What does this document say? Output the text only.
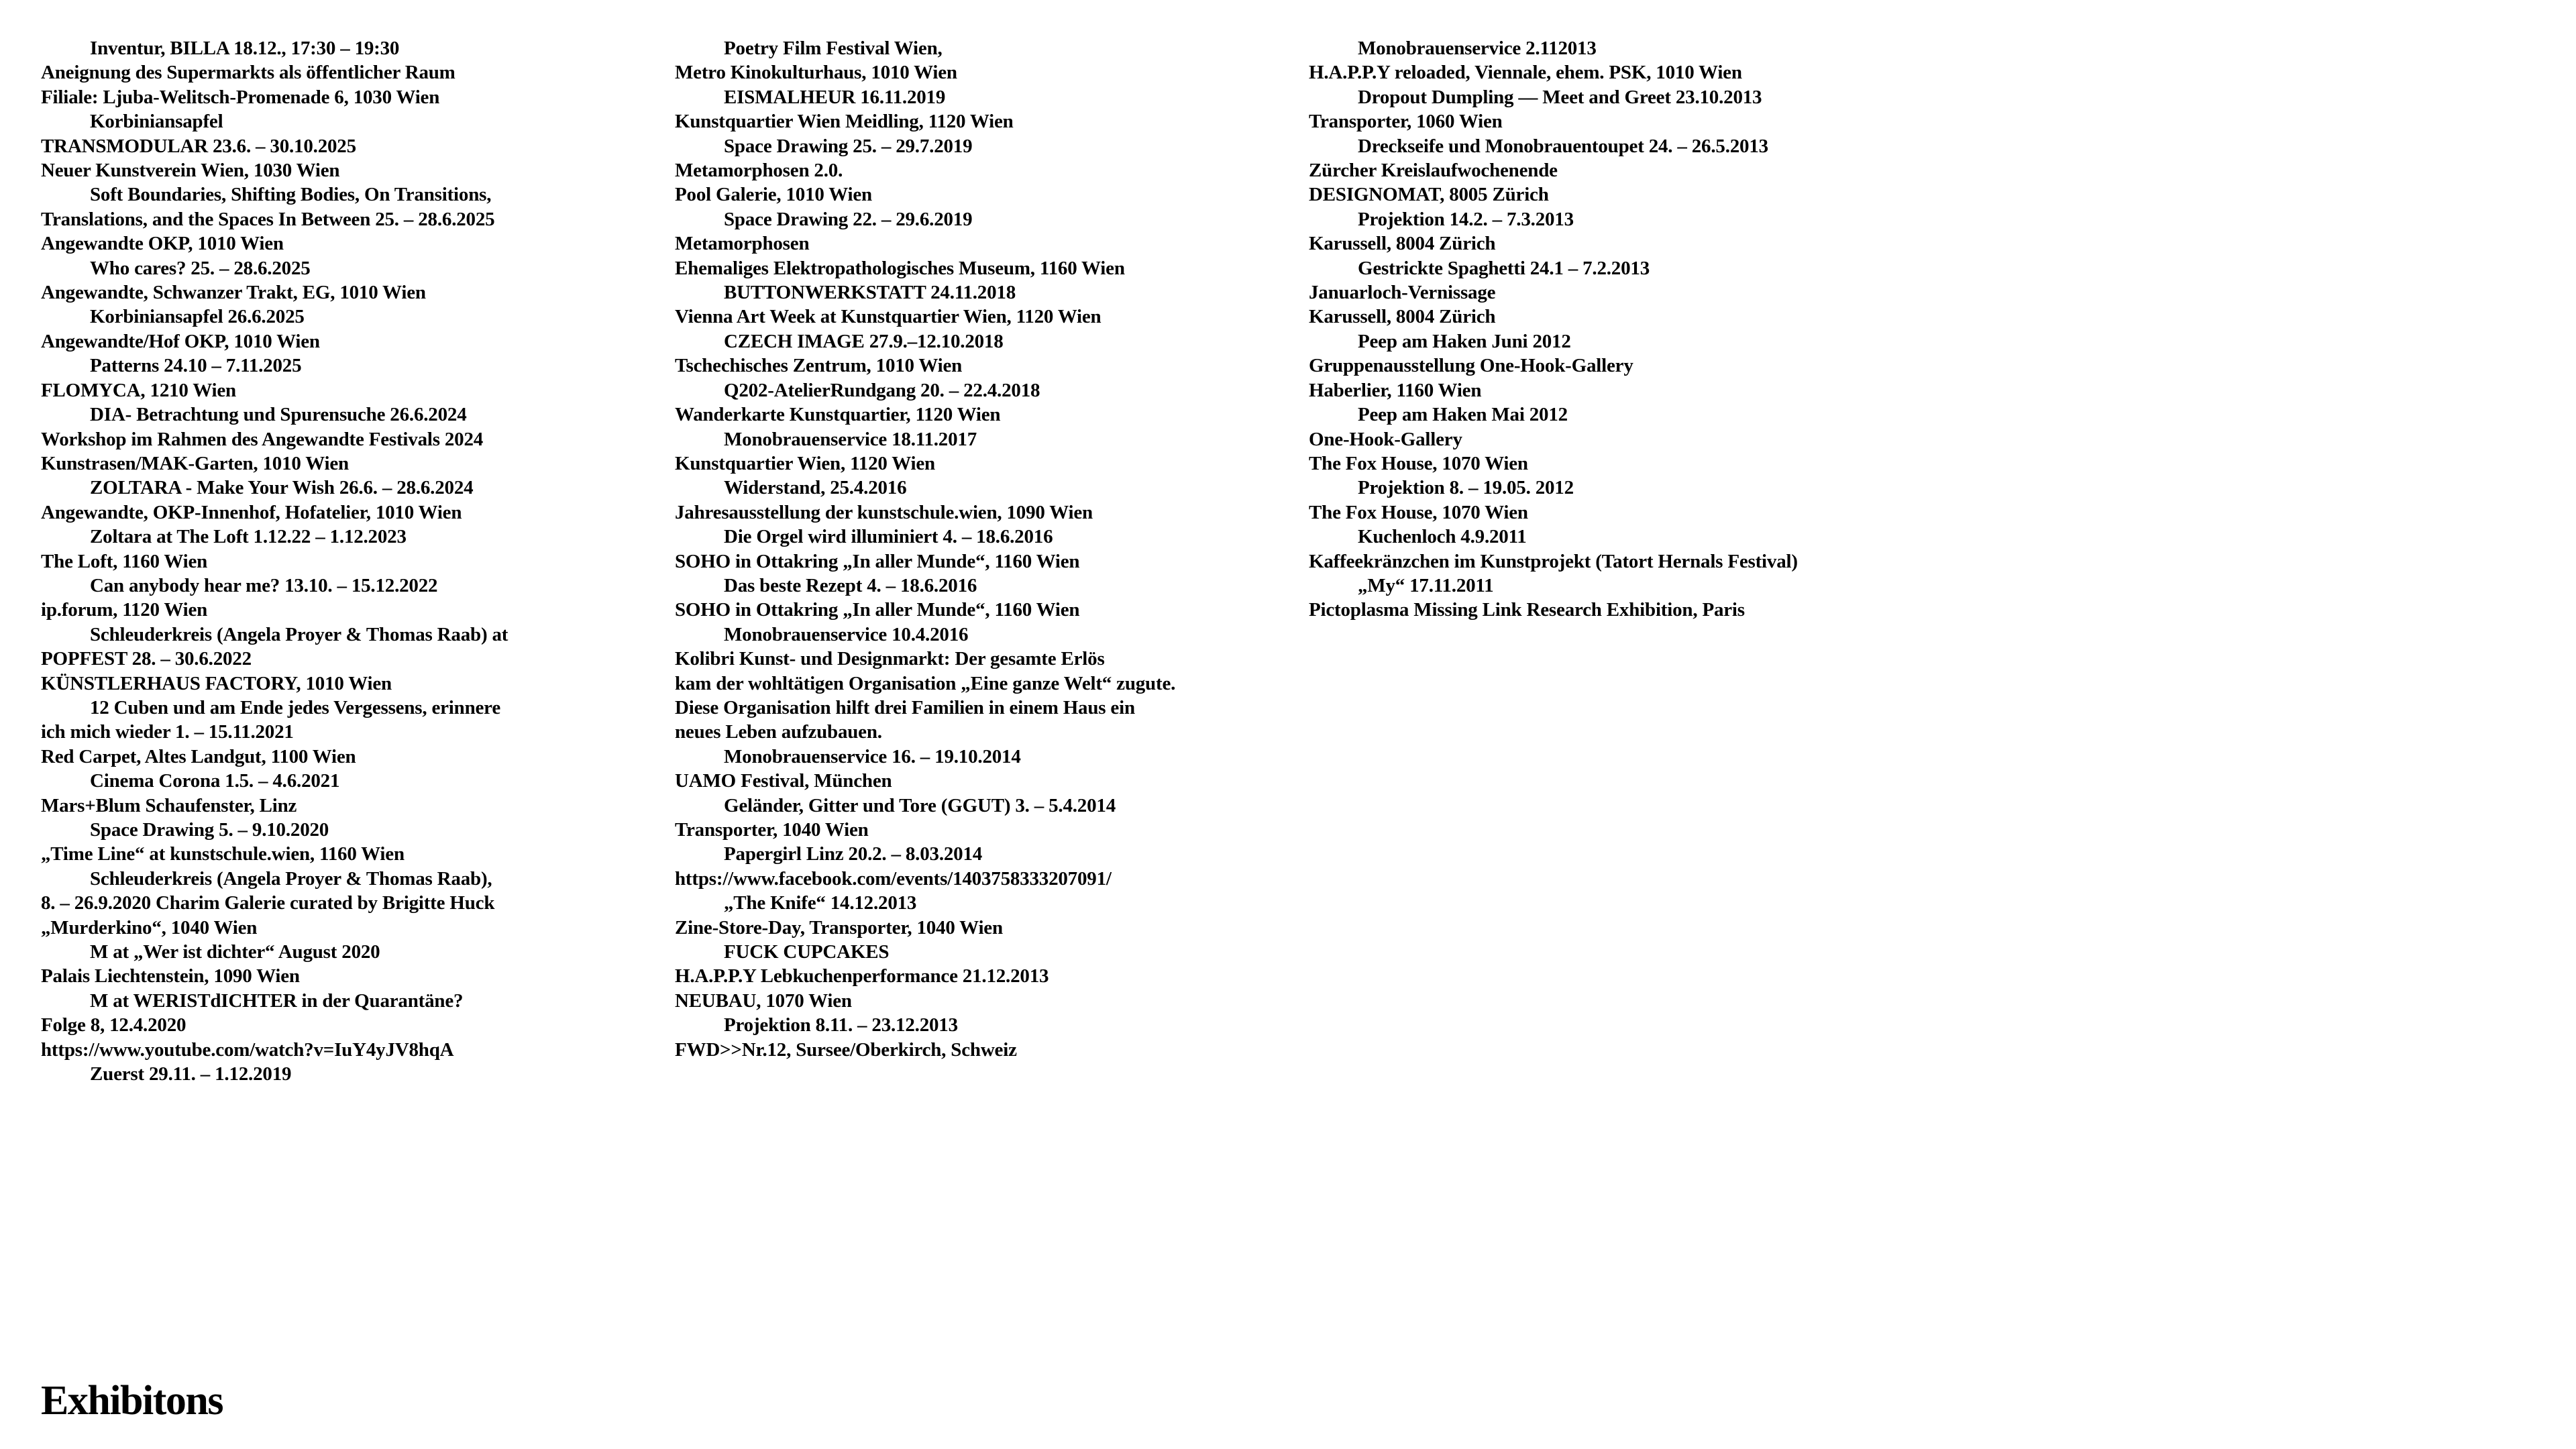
Inventur, BILLA 18.12., 17:30 – 19:30
Aneignung des Supermarkts als öffentlicher Raum
Filiale: Ljuba-Welitsch-Promenade 6, 1030 Wien
Korbiniansapfel
TRANSMODULAR 23.6. – 30.10.2025
Neuer Kunstverein Wien, 1030 Wien
Soft Boundaries, Shifting Bodies, On Transitions,
Translations, and the Spaces In Between 25. – 28.6.2025
Angewandte OKP, 1010 Wien
Who cares? 25. – 28.6.2025
Angewandte, Schwanzer Trakt, EG, 1010 Wien
Korbiniansapfel 26.6.2025
Angewandte/Hof OKP, 1010 Wien
Patterns 24.10 – 7.11.2025
FLOMYCA, 1210 Wien
DIA- Betrachtung und Spurensuche 26.6.2024
Workshop im Rahmen des Angewandte Festivals 2024
Kunstrasen/MAK-Garten, 1010 Wien
ZOLTARA - Make Your Wish 26.6. – 28.6.2024
Angewandte, OKP-Innenhof, Hofatelier, 1010 Wien
Zoltara at The Loft 1.12.22 – 1.12.2023
The Loft, 1160 Wien
Can anybody hear me? 13.10. – 15.12.2022
ip.forum, 1120 Wien
Schleuderkreis (Angela Proyer & Thomas Raab) at
POPFEST 28. – 30.6.2022
KÜNSTLERHAUS FACTORY, 1010 Wien
12 Cuben und am Ende jedes Vergessens, erinnere
ich mich wieder 1. – 15.11.2021
Red Carpet, Altes Landgut, 1100 Wien
Cinema Corona 1.5. – 4.6.2021
Mars+Blum Schaufenster, Linz
Space Drawing 5. – 9.10.2020
„Time Line“ at kunstschule.wien, 1160 Wien
Schleuderkreis (Angela Proyer & Thomas Raab),
8. – 26.9.2020 Charim Galerie curated by Brigitte Huck
„Murderkino“, 1040 Wien
M at „Wer ist dichter“ August 2020
Palais Liechtenstein, 1090 Wien
M at WERISTdICHTER in der Quarantäne?
Folge 8, 12.4.2020
https://www.youtube.com/watch?v=IuY4yJV8hqA
Zuerst 29.11. – 1.12.2019
Poetry Film Festival Wien,
Metro Kinokulturhaus, 1010 Wien
EISMALHEUR 16.11.2019
Kunstquartier Wien Meidling, 1120 Wien
Space Drawing 25. – 29.7.2019
Metamorphosen 2.0.
Pool Galerie, 1010 Wien
Space Drawing 22. – 29.6.2019
Metamorphosen
Ehemaliges Elektropathologisches Museum, 1160 Wien
BUTTONWERKSTATT 24.11.2018
Vienna Art Week at Kunstquartier Wien, 1120 Wien
CZECH IMAGE 27.9.–12.10.2018
Tschechisches Zentrum, 1010 Wien
Q202-AtelierRundgang 20. – 22.4.2018
Wanderkarte Kunstquartier, 1120 Wien
Monobrauenservice 18.11.2017
Kunstquartier Wien, 1120 Wien
Widerstand, 25.4.2016
Jahresausstellung der kunstschule.wien, 1090 Wien
Die Orgel wird illuminiert 4. – 18.6.2016
SOHO in Ottakring „In aller Munde“, 1160 Wien
Das beste Rezept 4. – 18.6.2016
SOHO in Ottakring „In aller Munde“, 1160 Wien
Monobrauenservice 10.4.2016
Kolibri Kunst- und Designmarkt: Der gesamte Erlös
kam der wohltätigen Organisation „Eine ganze Welt“ zugute.
Diese Organisation hilft drei Familien in einem Haus ein
neues Leben aufzubauen.
Monobrauenservice 16. – 19.10.2014
UAMO Festival, München
Geländer, Gitter und Tore (GGUT) 3. – 5.4.2014
Transporter, 1040 Wien
Papergirl Linz 20.2. – 8.03.2014
https://www.facebook.com/events/1403758333207091/
„The Knife“ 14.12.2013
Zine-Store-Day, Transporter, 1040 Wien
FUCK CUPCAKES
H.A.P.P.Y Lebkuchenperformance 21.12.2013
NEUBAU, 1070 Wien
Projektion 8.11. – 23.12.2013
FWD>>Nr.12, Sursee/Oberkirch, Schweiz
Monobrauenservice 2.112013
H.A.P.P.Y reloaded, Viennale, ehem. PSK, 1010 Wien
Dropout Dumpling — Meet and Greet 23.10.2013
Transporter, 1060 Wien
Dreckseife und Monobrauentoupet 24. – 26.5.2013
Zürcher Kreislaufwochenende
DESIGNOMAT, 8005 Zürich
Projektion 14.2. – 7.3.2013
Karussell, 8004 Zürich
Gestrickte Spaghetti 24.1 – 7.2.2013
Januarloch-Vernissage
Karussell, 8004 Zürich
Peep am Haken Juni 2012
Gruppenausstellung One-Hook-Gallery
Haberlier, 1160 Wien
Peep am Haken Mai 2012
One-Hook-Gallery
The Fox House, 1070 Wien
Projektion 8. – 19.05. 2012
The Fox House, 1070 Wien
Kuchenloch 4.9.2011
Kaffeekränzchen im Kunstprojekt (Tatort Hernals Festival)
„My“ 17.11.2011
Pictoplasma Missing Link Research Exhibition, Paris
Exhibitons
